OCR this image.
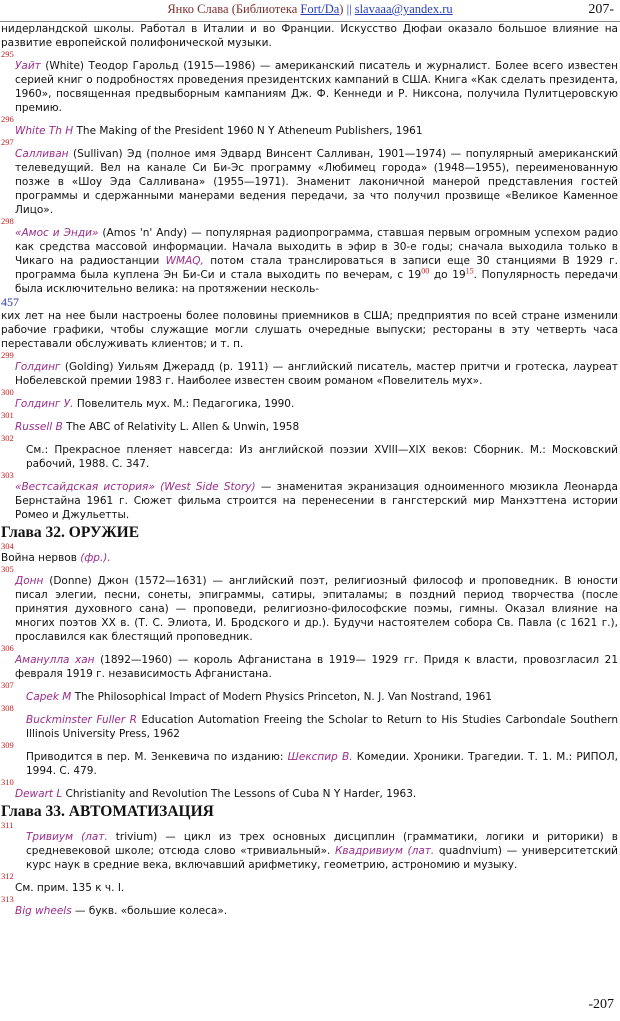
Янко Слава (Библиотека Fort/Da) || slavaaa@yandex.ru	207-

нидерландской школы. Работал в Италии и во Франции. Искусство Дюфаи оказало большое влияние на развитие европейской полифонической музыки.

295

Уайт (White) Теодор Гарольд (1915—1986) — американский писатель и журналист. Более всего известен серией книг о подробностях проведения президентских кампаний в США. Книга «Как сделать президента, 1960», посвященная предвыборным кампаниям Дж. Ф. Кеннеди и Р. Никсона, получила Пулитцеровскую премию.

296

White Th H The Making of the President 1960 N Y Atheneum Publishers, 1961

297

Салливан (Sullivan) Эд (полное имя Эдвард Винсент Салливан, 1901—1974) — популярный американский телеведущий. Вел на канале Си Би-Эс программу «Любимец города» (1948—1955), переименованную позже в «Шоу Эда Салливана» (1955—1971). Знаменит лаконичной манерой представления гостей программы и сдержанными манерами ведения передачи, за что получил прозвище «Великое Каменное Лицо».

298

«Амос и Энди» (Amos 'n' Andy) — популярная радиопрограмма, ставшая первым огромным успехом радио как средства массовой информации. Начала выходить в эфир в 30-е годы; сначала выходила только в Чикаго на радиостанции WMAQ, потом стала транслироваться в записи еще 30 станциями В 1929 г. программа была куплена Эн Би-Си и стала выходить по вечерам, с $19^{00}$ до $19^{15}$. Популярность передачи была исключительно велика: на протяжении несколь-

457

ких лет на нее были настроены более половины приемников в США; предприятия по всей стране изменили рабочие графики, чтобы служащие могли слушать очередные выпуски; рестораны в эту четверть часа переставали обслуживать клиентов; и т. п.

299

Голдинг (Golding) Уильям Джерадд (р. 1911) — английский писатель, мастер притчи и гротеска, лауреат Нобелевской премии 1983 г. Наиболее известен своим романом «Повелитель мух».

300

Голдинг У. Повелитель мух. М.: Педагогика, 1990.

301

Russell B The ABC of Relativity L. Allen & Unwin, 1958

302

См.: Прекрасное пленяет навсегда: Из английской поэзии XVIII—XIX веков: Сборник. М.: Московский рабочий, 1988. С. 347.

303

«Вестсайдская история» (West Side Story) — знаменитая экранизация одноименного мюзикла Леонарда Бернстайна 1961 г. Сюжет фильма строится на перенесении в гангстерский мир Манхэттена истории Ромео и Джульетты.

Глава 32. ОРУЖИЕ
304

Война нервов (фр.).

305

Донн (Donne) Джон (1572—1631) — английский поэт, религиозный философ и проповедник. В юности писал элегии, песни, сонеты, эпиграммы, сатиры, эпиталамы; в поздний период творчества (после принятия духовного сана) — проповеди, религиозно-философские поэмы, гимны. Оказал влияние на многих поэтов XX в. (Т. С. Элиота, И. Бродского и др.). Будучи настоятелем собора Св. Павла (с 1621 г.), прославился как блестящий проповедник.

306

Аманулла хан (1892—1960) — король Афганистана в 1919— 1929 гг. Придя к власти, провозгласил 21 февраля 1919 г. независимость Афганистана.

307

Capek M The Philosophical Impact of Modern Physics Princeton, N. J. Van Nostrand, 1961

308

Buckminster Fuller R Education Automation Freeing the Scholar to Return to His Studies Carbondale Southern Illinois University Press, 1962

309

Приводится в пер. М. Зенкевича по изданию: Шекспир В. Комедии. Хроники. Трагедии. Т. 1. М.: РИПОЛ, 1994. С. 479.

310

Dewart L Christianity and Revolution The Lessons of Cuba N Y Harder, 1963.

Глава 33. АВТОМАТИЗАЦИЯ
311

Тривиум (лат. trivium) — цикл из трех основных дисциплин (грамматики, логики и риторики) в средневековой школе; отсюда слово «тривиальный». Квадривиум (лат. quadnvium) — университетский курс наук в средние века, включавший арифметику, геометрию, астрономию и музыку.

312

См. прим. 135 к ч. I.

313

Big wheels — букв. «большие колеса».

-207
